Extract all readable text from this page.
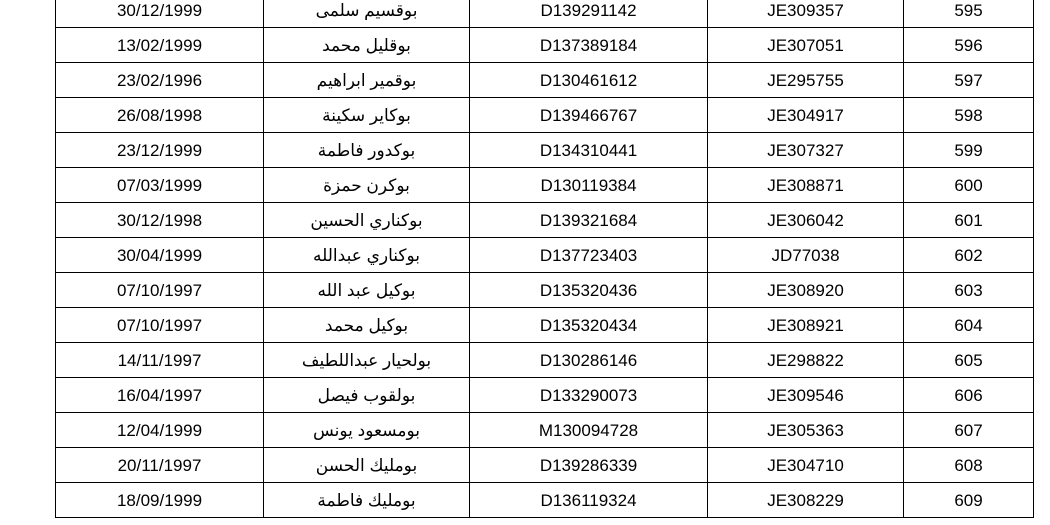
30/12/1999	بوقسيم سلمى	D139291142	JE309357	595
13/02/1999	بوقليل محمد	D137389184	JE307051	596
23/02/1996	بوقمير ابراهيم	D130461612	JE295755	597
26/08/1998	بوكاير سكينة	D139466767	JE304917	598
23/12/1999	بوكدور فاطمة	D134310441	JE307327	599
07/03/1999	بوكرن حمزة	D130119384	JE308871	600
30/12/1998	بوكناري الحسين	D139321684	JE306042	601
30/04/1999	بوكناري عبدالله	D137723403	JD77038	602
07/10/1997	بوكيل عبد الله	D135320436	JE308920	603
07/10/1997	بوكيل محمد	D135320434	JE308921	604
14/11/1997	بولحيار عبداللطيف	D130286146	JE298822	605
16/04/1997	بولقوب فيصل	D133290073	JE309546	606
12/04/1999	بومسعود يونس	M130094728	JE305363	607
20/11/1997	بومليك الحسن	D139286339	JE304710	608
18/09/1999	بومليك فاطمة	D136119324	JE308229	609
